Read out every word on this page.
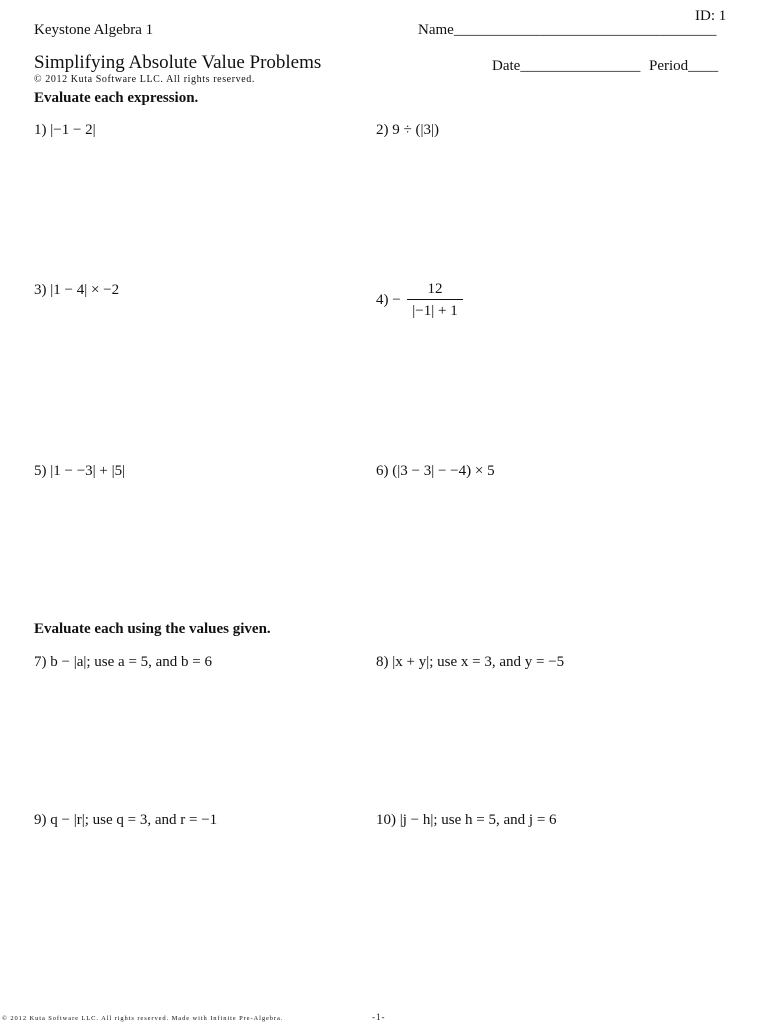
ID: 1
Keystone Algebra 1	Name___________________________________
Simplifying Absolute Value Problems	Date________________ Period____
© 2012 Kuta Software LLC. All rights reserved.
Evaluate each expression.
1) |−1 − 2|	2) 9 ÷ (|3|)
3) |1 − 4| × −2
4) −
12
|−1| + 1
5) |1 − −3| + |5|	6) (|3 − 3| − −4) × 5
Evaluate each using the values given.
7) b − |a|; use a = 5, and b = 6	8) |x + y|; use x = 3, and y = −5
9) q − |r|; use q = 3, and r = −1	10) |j − h|; use h = 5, and j = 6
© 2012 Kuta Software LLC. All rights reserved. Made with Infinite Pre-Algebra.	-1-
